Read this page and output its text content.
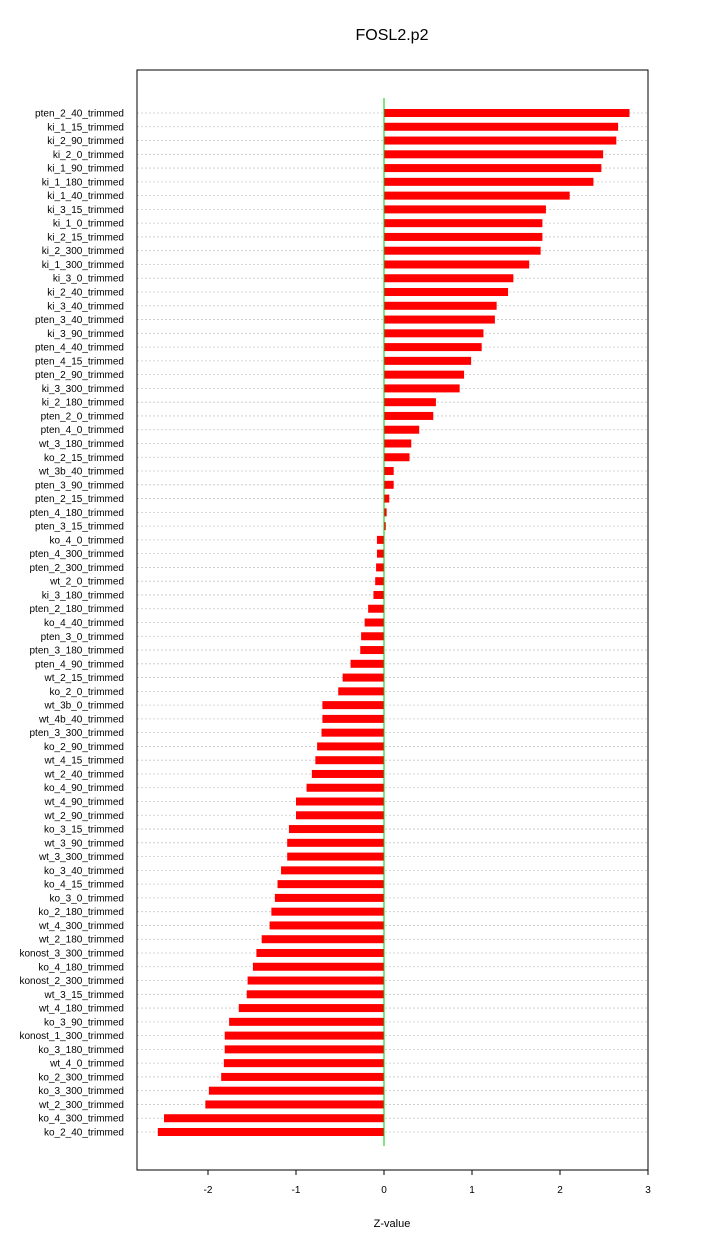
FOSL2.p2
pten_2_40_trimmed
ki_1_15_trimmed
ki_2_90_trimmed
ki_2_0_trimmed
ki_1_90_trimmed
ki_1_180_trimmed
ki_1_40_trimmed
ki_3_15_trimmed
ki_1_0_trimmed
ki_2_15_trimmed
ki_2_300_trimmed
ki_1_300_trimmed
ki_3_0_trimmed
ki_2_40_trimmed
ki_3_40_trimmed
pten_3_40_trimmed
ki_3_90_trimmed
pten_4_40_trimmed
pten_4_15_trimmed
pten_2_90_trimmed
ki_3_300_trimmed
ki_2_180_trimmed
pten_2_0_trimmed
pten_4_0_trimmed
wt_3_180_trimmed
ko_2_15_trimmed
wt_3b_40_trimmed
pten_3_90_trimmed
pten_2_15_trimmed
pten_4_180_trimmed
pten_3_15_trimmed
ko_4_0_trimmed
pten_4_300_trimmed
pten_2_300_trimmed
wt_2_0_trimmed
ki_3_180_trimmed
pten_2_180_trimmed
ko_4_40_trimmed
pten_3_0_trimmed
pten_3_180_trimmed
pten_4_90_trimmed
wt_2_15_trimmed
ko_2_0_trimmed
wt_3b_0_trimmed
wt_4b_40_trimmed
pten_3_300_trimmed
ko_2_90_trimmed
wt_4_15_trimmed
wt_2_40_trimmed
ko_4_90_trimmed
wt_4_90_trimmed
wt_2_90_trimmed
ko_3_15_trimmed
wt_3_90_trimmed
wt_3_300_trimmed
ko_3_40_trimmed
ko_4_15_trimmed
ko_3_0_trimmed
ko_2_180_trimmed
wt_4_300_trimmed
wt_2_180_trimmed
konost_3_300_trimmed
ko_4_180_trimmed
konost_2_300_trimmed
wt_3_15_trimmed
wt_4_180_trimmed
ko_3_90_trimmed
konost_1_300_trimmed
ko_3_180_trimmed
wt_4_0_trimmed
ko_2_300_trimmed
ko_3_300_trimmed
wt_2_300_trimmed
ko_4_300_trimmed
ko_2_40_trimmed
-2	-1	0	1	2	3
Z-value
